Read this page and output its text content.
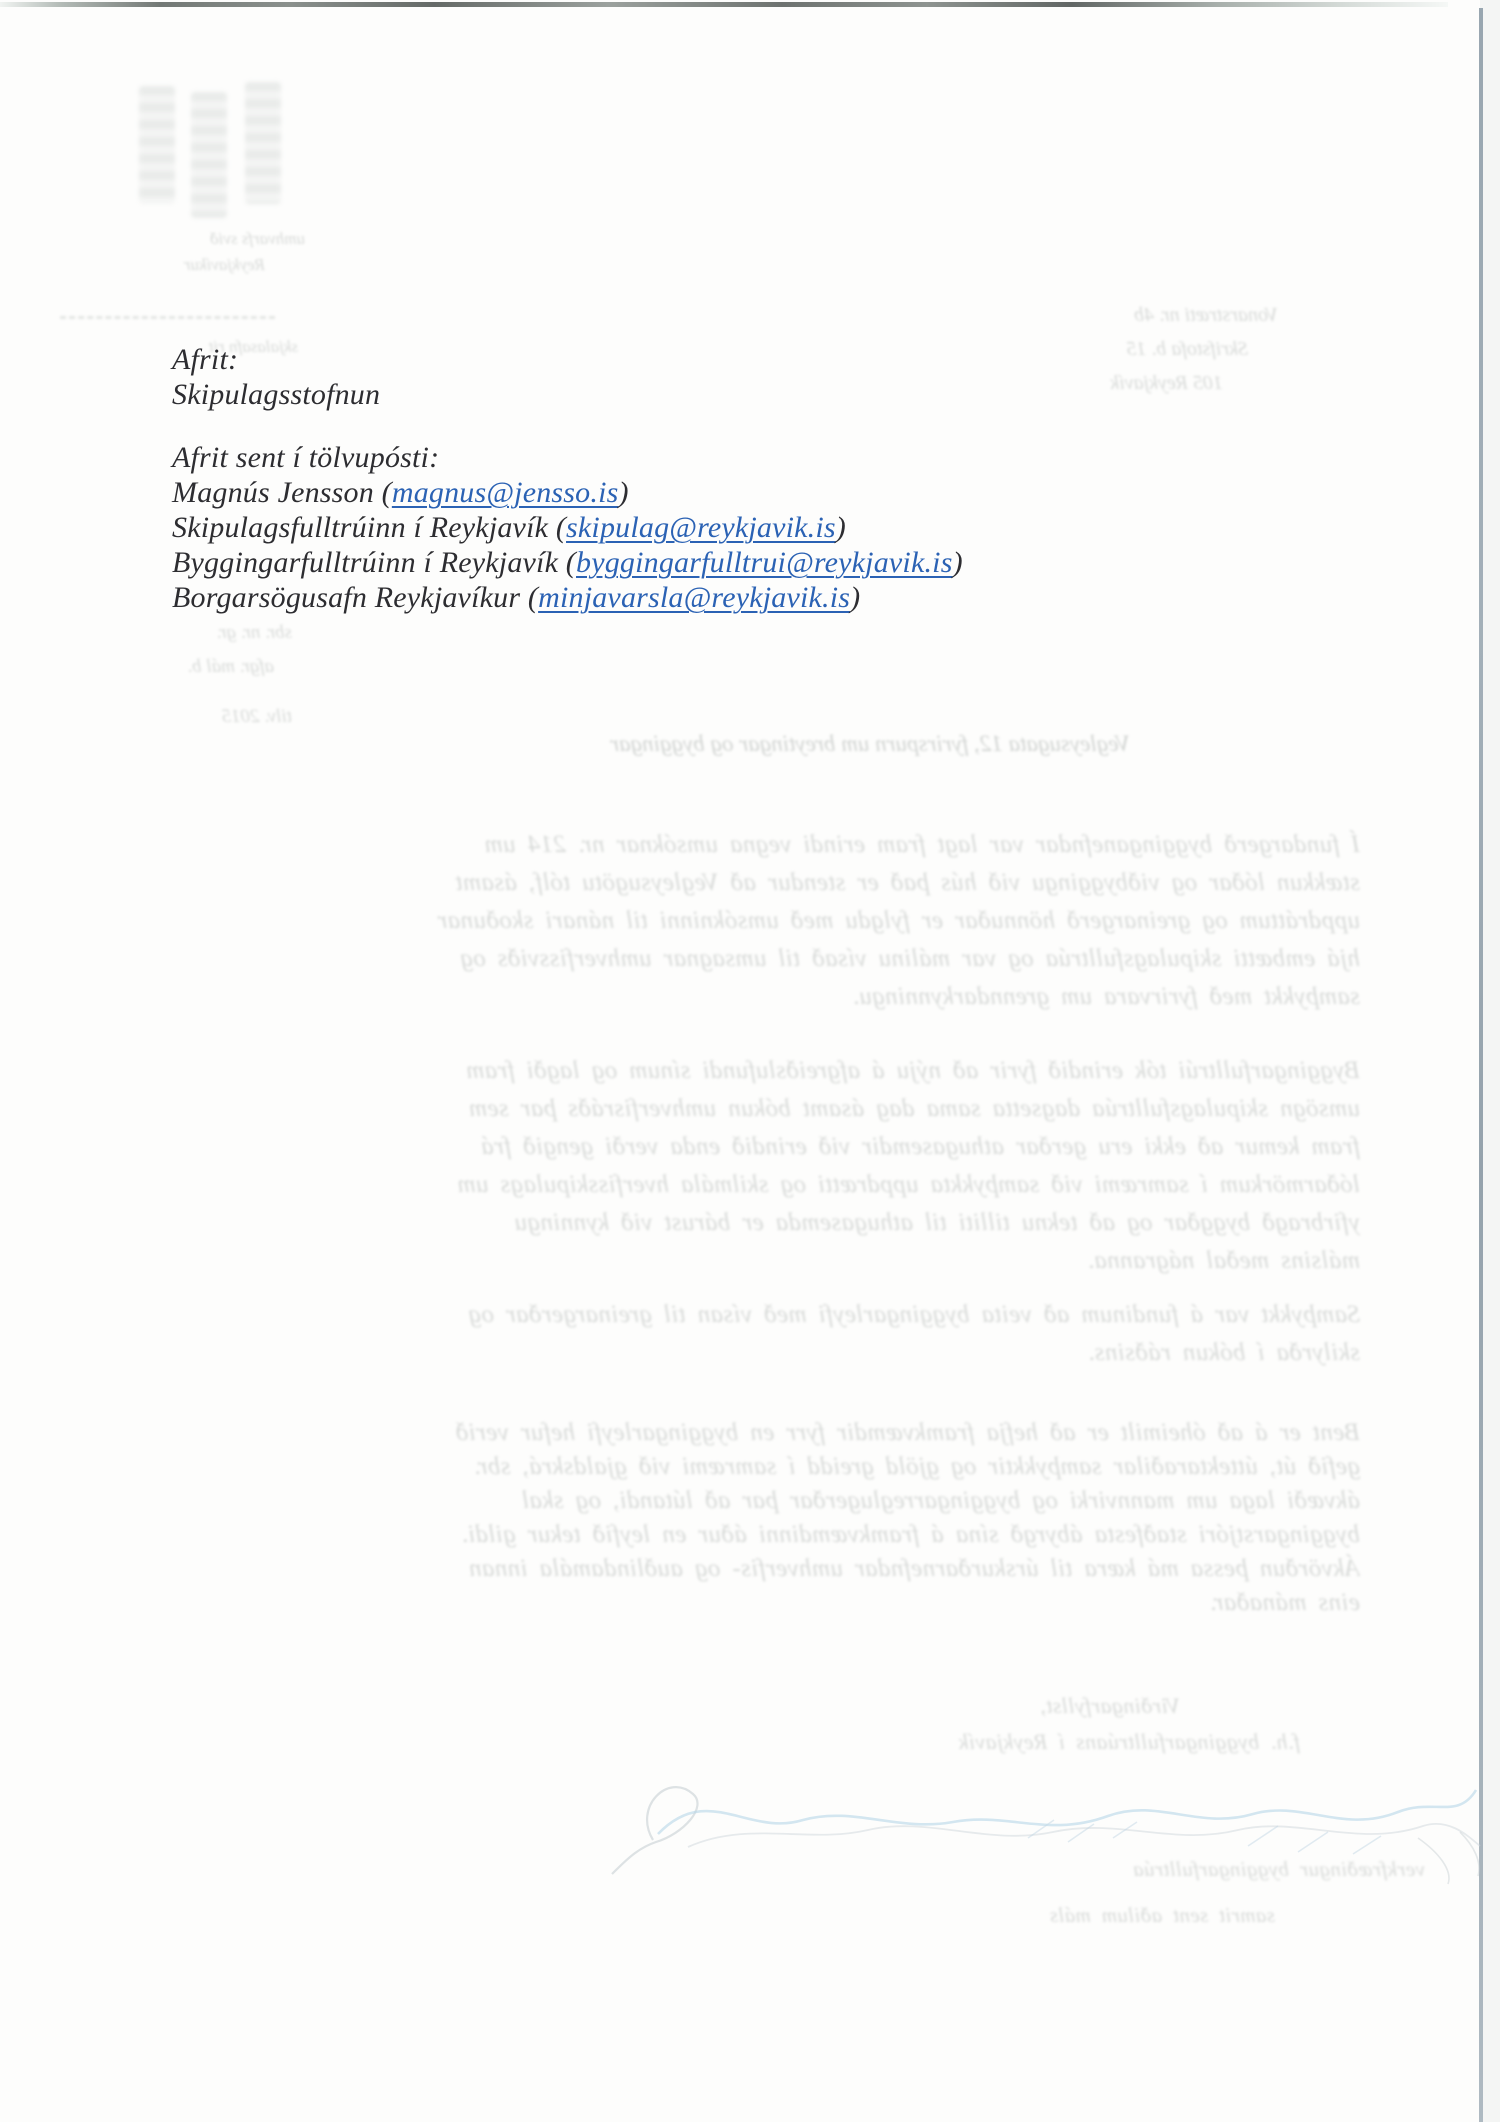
umhvarfs svið
Reykjavíkur
skjalasafn rit
Vonarstræti nr. 4b
Skrifstofa b. 15
105 Reykjavík
sbr. nr. gr.
afgr. mál b.
tilv. 2015
Afrit:
Skipulagsstofnun
Afrit sent í tölvupósti:
Magnús Jensson (magnus@jensso.is)
Skipulagsfulltrúinn í Reykjavík (skipulag@reykjavik.is)
Byggingarfulltrúinn í Reykjavík (byggingarfulltrui@reykjavik.is)
Borgarsögusafn Reykjavíkur (minjavarsla@reykjavik.is)
Vegleysugata 12, fyrirspurn um breytingar og byggingar
Í fundargerð bygginganefndar var lagt fram erindi vegna umsóknar nr. 214 um
stækkun lóðar og viðbyggingu við hús það er stendur að Vegleysugötu tólf, ásamt
uppdráttum og greinargerð hönnuðar er fylgdu með umsókninni til nánari skoðunar
hjá embætti skipulagsfulltrúa og var málinu vísað til umsagnar umhverfissviðs og
samþykkt með fyrirvara um grenndarkynningu.
Byggingarfulltrúi tók erindið fyrir að nýju á afgreiðslufundi sínum og lagði fram
umsögn skipulagsfulltrúa dagsetta sama dag ásamt bókun umhverfisráðs þar sem
fram kemur að ekki eru gerðar athugasemdir við erindið enda verði gengið frá
lóðarmörkum í samræmi við samþykkta uppdrætti og skilmála hverfisskipulags um
yfirbragð byggðar og að teknu tilliti til athugasemda er bárust við kynningu
málsins meðal nágranna.
Samþykkt var á fundinum að veita byggingarleyfi með vísan til greinargerðar og
skilyrða í bókun ráðsins.
Bent er á að óheimilt er að hefja framkvæmdir fyrr en byggingarleyfi hefur verið
gefið út, úttektaraðilar samþykktir og gjöld greidd í samræmi við gjaldskrá, sbr.
ákvæði laga um mannvirki og byggingarreglugerðar þar að lútandi, og skal
byggingarstjóri staðfesta ábyrgð sína á framkvæmdinni áður en leyfið tekur gildi.
Ákvörðun þessa má kæra til úrskurðarnefndar umhverfis- og auðlindamála innan
eins mánaðar.
Virðingarfyllst,
f.h. byggingarfulltrúans í Reykjavík
verkfræðingur byggingarfulltrúa
samrit sent aðilum máls
